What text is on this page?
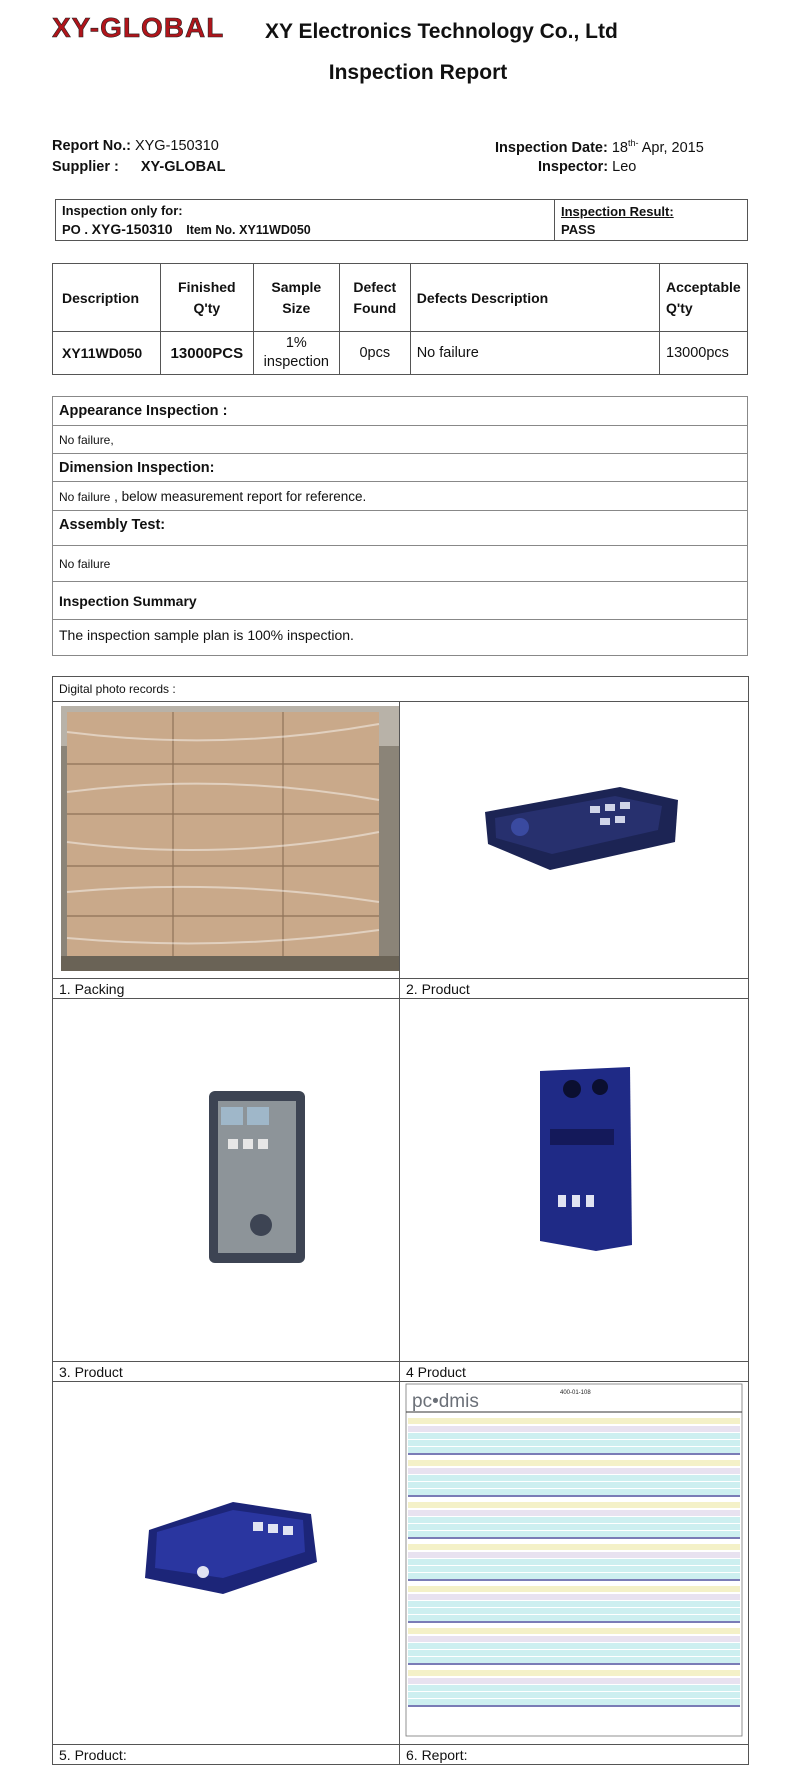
XY-GLOBAL XY Electronics Technology Co., Ltd
Inspection Report
Report No.: XYG-150310
Supplier : XY-GLOBAL
Inspection Date: $18^{th-}$ Apr, 2015
Inspector: Leo
Inspection only for:
PO . XYG-150310 Item No. XY11WD050

Inspection Result:
PASS
Description	Finished Q'ty	Sample Size	Defect Found	Defects Description	Acceptable Q'ty

XY11WD050	13000PCS	1% inspection	0pcs	No failure	13000pcs
Appearance Inspection :
No failure,
Dimension Inspection:
No failure , below measurement report for reference.
Assembly Test:
No failure
Inspection Summary
The inspection sample plan is 100% inspection.
Digital photo records :	

1. Packing	2. Product

3. Product	4 Product

pc•dmis 400-01-108

5. Product:	6. Report:
